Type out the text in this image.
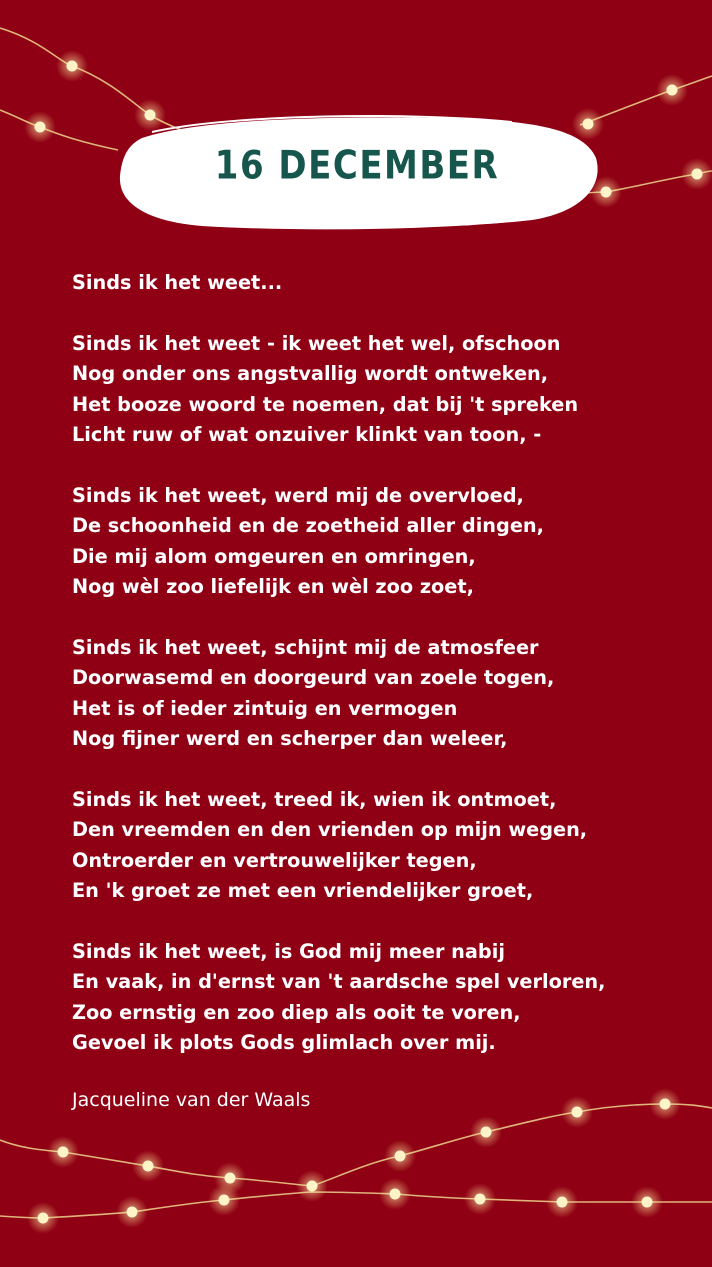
16 DECEMBER
Sinds ik het weet...
Sinds ik het weet - ik weet het wel, ofschoon
Nog onder ons angstvallig wordt ontweken,
Het booze woord te noemen, dat bij 't spreken
Licht ruw of wat onzuiver klinkt van toon, -
Sinds ik het weet, werd mij de overvloed,
De schoonheid en de zoetheid aller dingen,
Die mij alom omgeuren en omringen,
Nog wèl zoo liefelijk en wèl zoo zoet,
Sinds ik het weet, schijnt mij de atmosfeer
Doorwasemd en doorgeurd van zoele togen,
Het is of ieder zintuig en vermogen
Nog fijner werd en scherper dan weleer,
Sinds ik het weet, treed ik, wien ik ontmoet,
Den vreemden en den vrienden op mijn wegen,
Ontroerder en vertrouwelijker tegen,
En 'k groet ze met een vriendelijker groet,
Sinds ik het weet, is God mij meer nabij
En vaak, in d'ernst van 't aardsche spel verloren,
Zoo ernstig en zoo diep als ooit te voren,
Gevoel ik plots Gods glimlach over mij.
Jacqueline van der Waals
